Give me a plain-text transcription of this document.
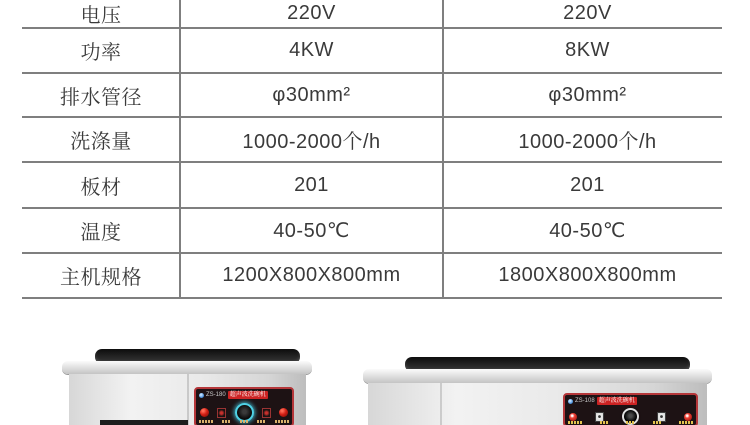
电压	220V	220V
功率	4KW	8KW
排水管径	φ30mm²	φ30mm²
洗涤量	1000-2000个/h	1000-2000个/h
板材	201	201
温度	40-50℃	40-50℃
主机规格	1200X800X800mm	1800X800X800mm
ZS-180 超声波洗碗机
ZS-108 超声波洗碗机
